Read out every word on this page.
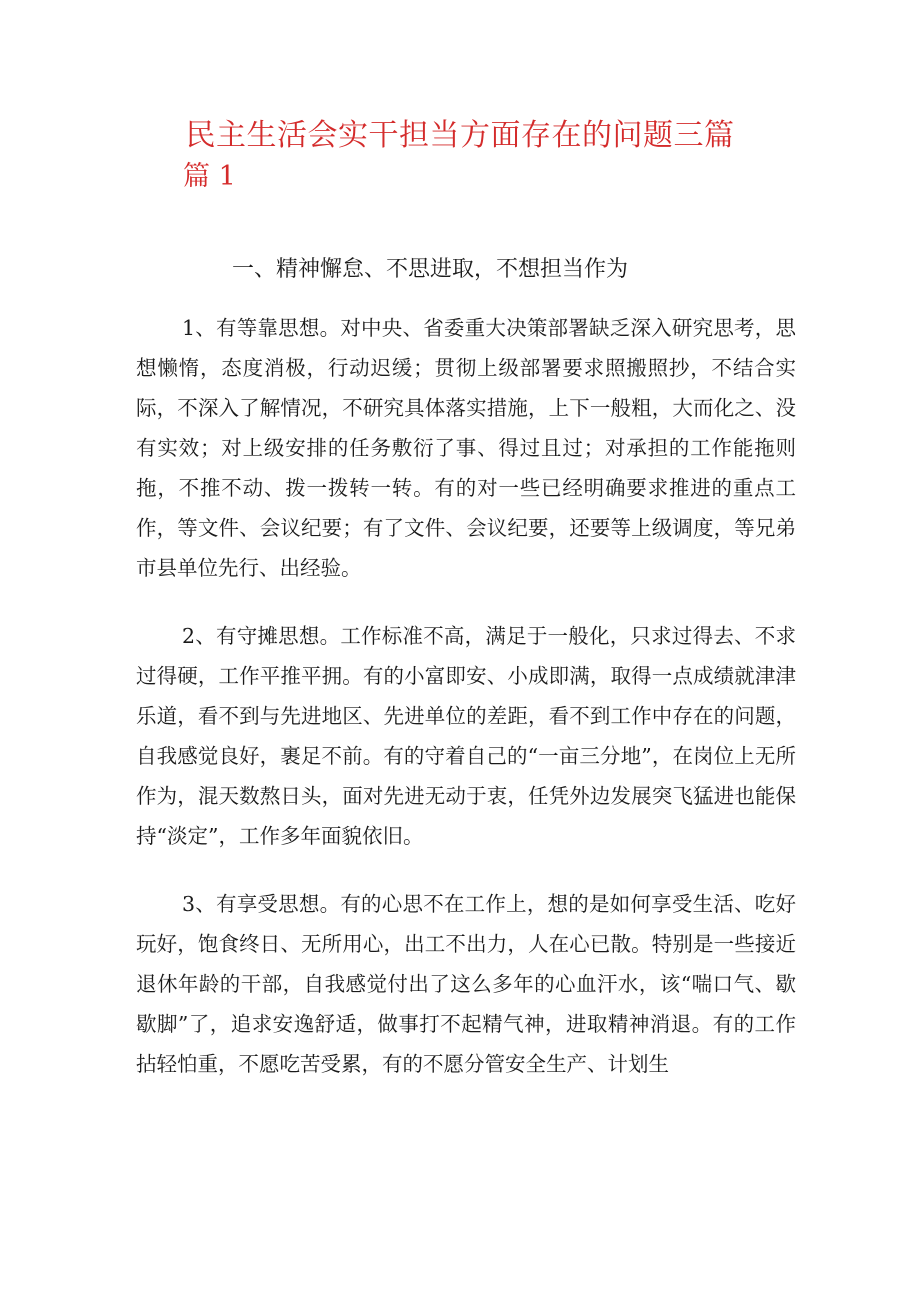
民主生活会实干担当方面存在的问题三篇
篇 1
一、精神懈怠、不思进取，不想担当作为

1、有等靠思想。对中央、省委重大决策部署缺乏深入研究思考，思想懒惰，态度消极，行动迟缓；贯彻上级部署要求照搬照抄，不结合实际，不深入了解情况，不研究具体落实措施，上下一般粗，大而化之、没有实效；对上级安排的任务敷衍了事、得过且过；对承担的工作能拖则拖，不推不动、拨一拨转一转。有的对一些已经明确要求推进的重点工作，等文件、会议纪要；有了文件、会议纪要，还要等上级调度，等兄弟市县单位先行、出经验。

2、有守摊思想。工作标准不高，满足于一般化，只求过得去、不求过得硬，工作平推平拥。有的小富即安、小成即满，取得一点成绩就津津乐道，看不到与先进地区、先进单位的差距，看不到工作中存在的问题，自我感觉良好，裹足不前。有的守着自己的“一亩三分地”，在岗位上无所作为，混天数熬日头，面对先进无动于衷，任凭外边发展突飞猛进也能保持“淡定”，工作多年面貌依旧。

3、有享受思想。有的心思不在工作上，想的是如何享受生活、吃好玩好，饱食终日、无所用心，出工不出力，人在心已散。特别是一些接近退休年龄的干部，自我感觉付出了这么多年的心血汗水，该“喘口气、歇歇脚”了，追求安逸舒适，做事打不起精气神，进取精神消退。有的工作拈轻怕重，不愿吃苦受累，有的不愿分管安全生产、计划生
